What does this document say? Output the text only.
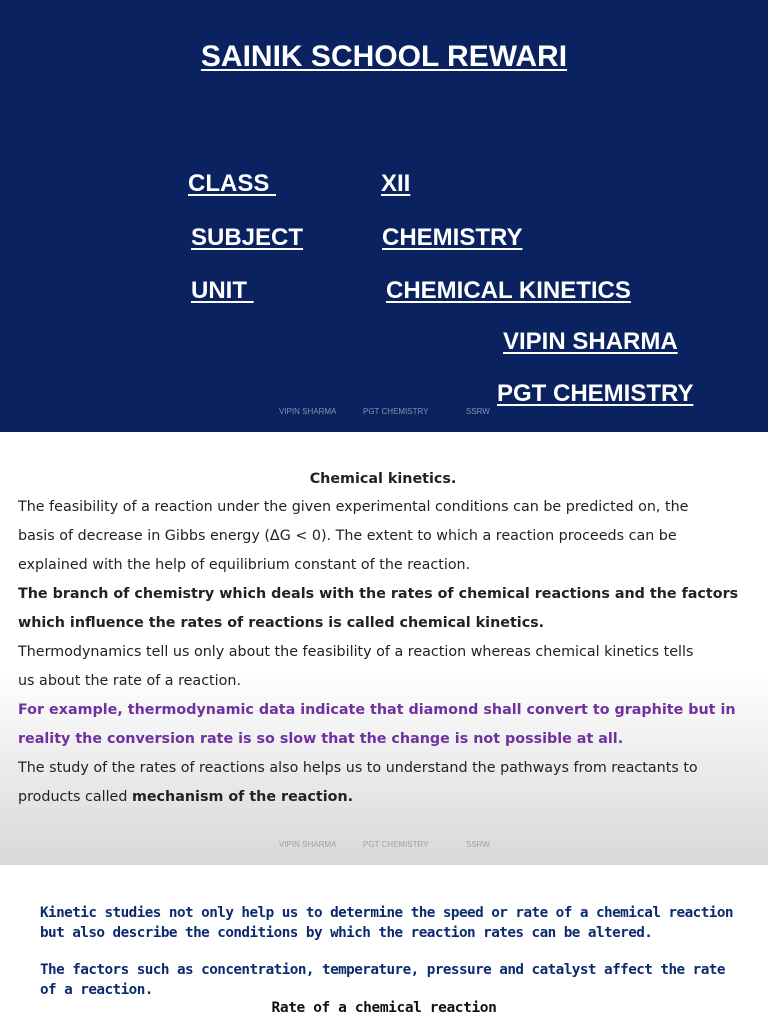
SAINIK SCHOOL REWARI
CLASS	XII
SUBJECT	CHEMISTRY
UNIT	CHEMICAL KINETICS
VIPIN SHARMA
PGT CHEMISTRY
VIPIN SHARMA	PGT CHEMISTRY	SSRW
Chemical kinetics.
The feasibility of a reaction under the given experimental conditions can be predicted on, the
basis of decrease in Gibbs energy (ΔG < 0). The extent to which a reaction proceeds can be
explained with the help of equilibrium constant of the reaction.
The branch of chemistry which deals with the rates of chemical reactions and the factors
which influence the rates of reactions is called chemical kinetics.
Thermodynamics tell us only about the feasibility of a reaction whereas chemical kinetics tells
us about the rate of a reaction.
For example, thermodynamic data indicate that diamond shall convert to graphite but in
reality the conversion rate is so slow that the change is not possible at all.
The study of the rates of reactions also helps us to understand the pathways from reactants to
products called mechanism of the reaction.
VIPIN SHARMA	PGT CHEMISTRY	SSRW
Kinetic studies not only help us to determine the speed or rate of a chemical reaction
but also describe the conditions by which the reaction rates can be altered.
The factors such as concentration, temperature, pressure and catalyst affect the rate
of a reaction.
Rate of a chemical reaction
